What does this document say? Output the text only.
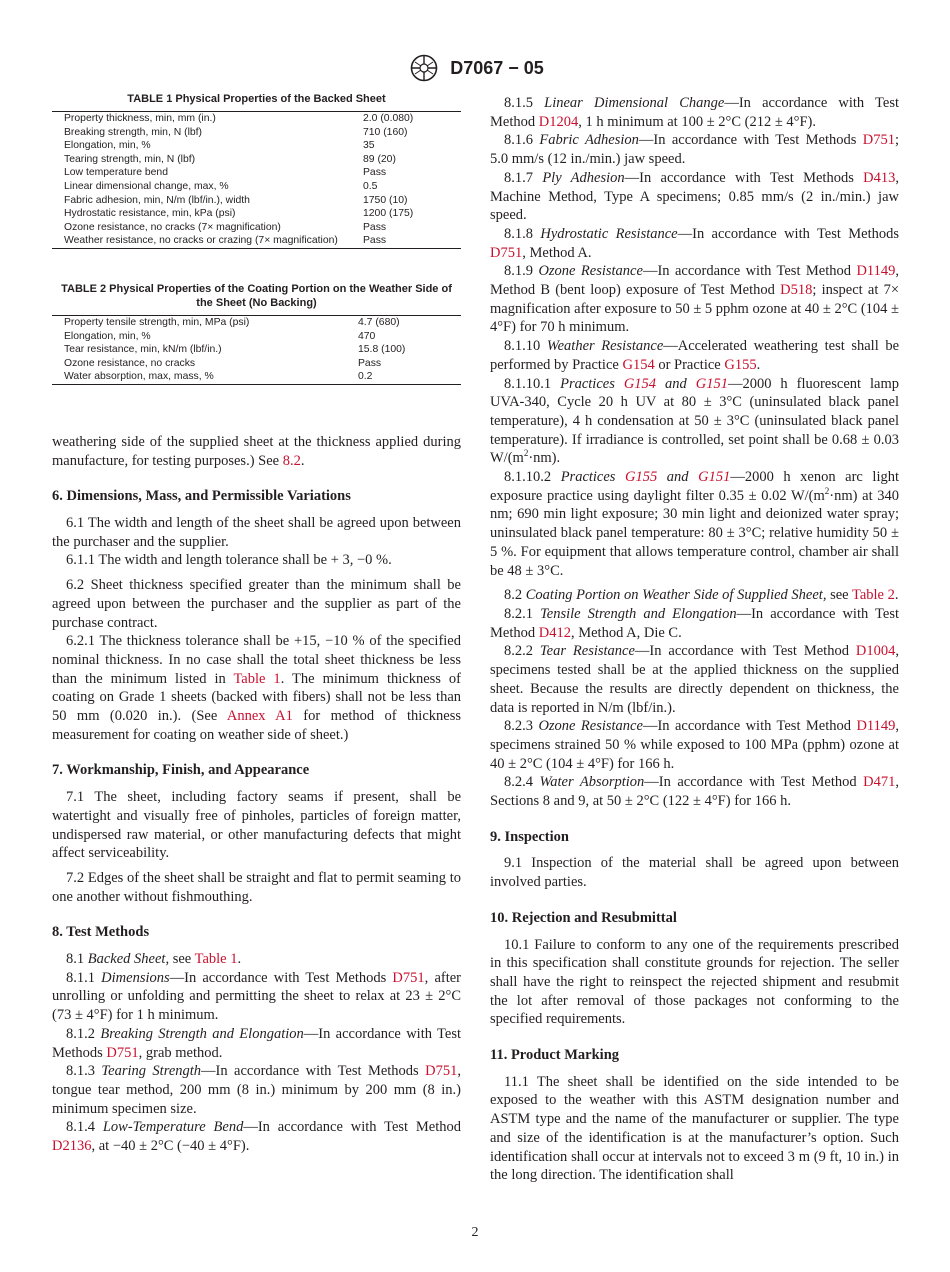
D7067 − 05
TABLE 1 Physical Properties of the Backed Sheet
Property thickness, min, mm (in.)	2.0 (0.080)
Breaking strength, min, N (lbf)	710 (160)
Elongation, min, %	35
Tearing strength, min, N (lbf)	89 (20)
Low temperature bend	Pass
Linear dimensional change, max, %	0.5
Fabric adhesion, min, N/m (lbf/in.), width	1750 (10)
Hydrostatic resistance, min, kPa (psi)	1200 (175)
Ozone resistance, no cracks (7× magnification)	Pass
Weather resistance, no cracks or crazing (7× magnification)	Pass
TABLE 2 Physical Properties of the Coating Portion on the Weather Side of the Sheet (No Backing)
Property tensile strength, min, MPa (psi)	4.7 (680)
Elongation, min, %	470
Tear resistance, min, kN/m (lbf/in.)	15.8 (100)
Ozone resistance, no cracks	Pass
Water absorption, max, mass, %	0.2

weathering side of the supplied sheet at the thickness applied during manufacture, for testing purposes.) See 8.2.

6. Dimensions, Mass, and Permissible Variations

6.1 The width and length of the sheet shall be agreed upon between the purchaser and the supplier.

6.1.1 The width and length tolerance shall be + 3, −0 %.

6.2 Sheet thickness specified greater than the minimum shall be agreed upon between the purchaser and the supplier as part of the purchase contract.

6.2.1 The thickness tolerance shall be +15, −10 % of the specified nominal thickness. In no case shall the total sheet thickness be less than the minimum listed in Table 1. The minimum thickness of coating on Grade 1 sheets (backed with fibers) shall not be less than 50 mm (0.020 in.). (See Annex A1 for method of thickness measurement for coating on weather side of sheet.)

7. Workmanship, Finish, and Appearance

7.1 The sheet, including factory seams if present, shall be watertight and visually free of pinholes, particles of foreign matter, undispersed raw material, or other manufacturing defects that might affect serviceability.

7.2 Edges of the sheet shall be straight and flat to permit seaming to one another without fishmouthing.

8. Test Methods

8.1 Backed Sheet, see Table 1.

8.1.1 Dimensions—In accordance with Test Methods D751, after unrolling or unfolding and permitting the sheet to relax at 23 ± 2°C (73 ± 4°F) for 1 h minimum.

8.1.2 Breaking Strength and Elongation—In accordance with Test Methods D751, grab method.

8.1.3 Tearing Strength—In accordance with Test Methods D751, tongue tear method, 200 mm (8 in.) minimum by 200 mm (8 in.) minimum specimen size.

8.1.4 Low-Temperature Bend—In accordance with Test Method D2136, at −40 ± 2°C (−40 ± 4°F).

8.1.5 Linear Dimensional Change—In accordance with Test Method D1204, 1 h minimum at 100 ± 2°C (212 ± 4°F).

8.1.6 Fabric Adhesion—In accordance with Test Methods D751; 5.0 mm/s (12 in./min.) jaw speed.

8.1.7 Ply Adhesion—In accordance with Test Methods D413, Machine Method, Type A specimens; 0.85 mm/s (2 in./min.) jaw speed.

8.1.8 Hydrostatic Resistance—In accordance with Test Methods D751, Method A.

8.1.9 Ozone Resistance—In accordance with Test Method D1149, Method B (bent loop) exposure of Test Method D518; inspect at 7× magnification after exposure to 50 ± 5 pphm ozone at 40 ± 2°C (104 ± 4°F) for 70 h minimum.

8.1.10 Weather Resistance—Accelerated weathering test shall be performed by Practice G154 or Practice G155.

8.1.10.1 Practices G154 and G151—2000 h fluorescent lamp UVA-340, Cycle 20 h UV at 80 ± 3°C (uninsulated black panel temperature), 4 h condensation at 50 ± 3°C (uninsulated black panel temperature). If irradiance is controlled, set point shall be 0.68 ± 0.03 $W/(m^2\cdot nm)$.

8.1.10.2 Practices G155 and G151—2000 h xenon arc light exposure practice using daylight filter 0.35 ± 0.02 $W/(m^2\cdot nm)$ at 340 nm; 690 min light exposure; 30 min light and deionized water spray; uninsulated black panel temperature: 80 ± 3°C; relative humidity 50 ± 5 %. For equipment that allows temperature control, chamber air shall be 48 ± 3°C.

8.2 Coating Portion on Weather Side of Supplied Sheet, see Table 2.

8.2.1 Tensile Strength and Elongation—In accordance with Test Method D412, Method A, Die C.

8.2.2 Tear Resistance—In accordance with Test Method D1004, specimens tested shall be at the applied thickness on the supplied sheet. Because the results are directly dependent on thickness, the data is reported in N/m (lbf/in.).

8.2.3 Ozone Resistance—In accordance with Test Method D1149, specimens strained 50 % while exposed to 100 MPa (pphm) ozone at 40 ± 2°C (104 ± 4°F) for 166 h.

8.2.4 Water Absorption—In accordance with Test Method D471, Sections 8 and 9, at 50 ± 2°C (122 ± 4°F) for 166 h.

9. Inspection

9.1 Inspection of the material shall be agreed upon between involved parties.

10. Rejection and Resubmittal

10.1 Failure to conform to any one of the requirements prescribed in this specification shall constitute grounds for rejection. The seller shall have the right to reinspect the rejected shipment and resubmit the lot after removal of those packages not conforming to the specified requirements.

11. Product Marking

11.1 The sheet shall be identified on the side intended to be exposed to the weather with this ASTM designation number and ASTM type and the name of the manufacturer or supplier. The type and size of the identification is at the manufacturer’s option. Such identification shall occur at intervals not to exceed 3 m (9 ft, 10 in.) in the long direction. The identification shall

2
